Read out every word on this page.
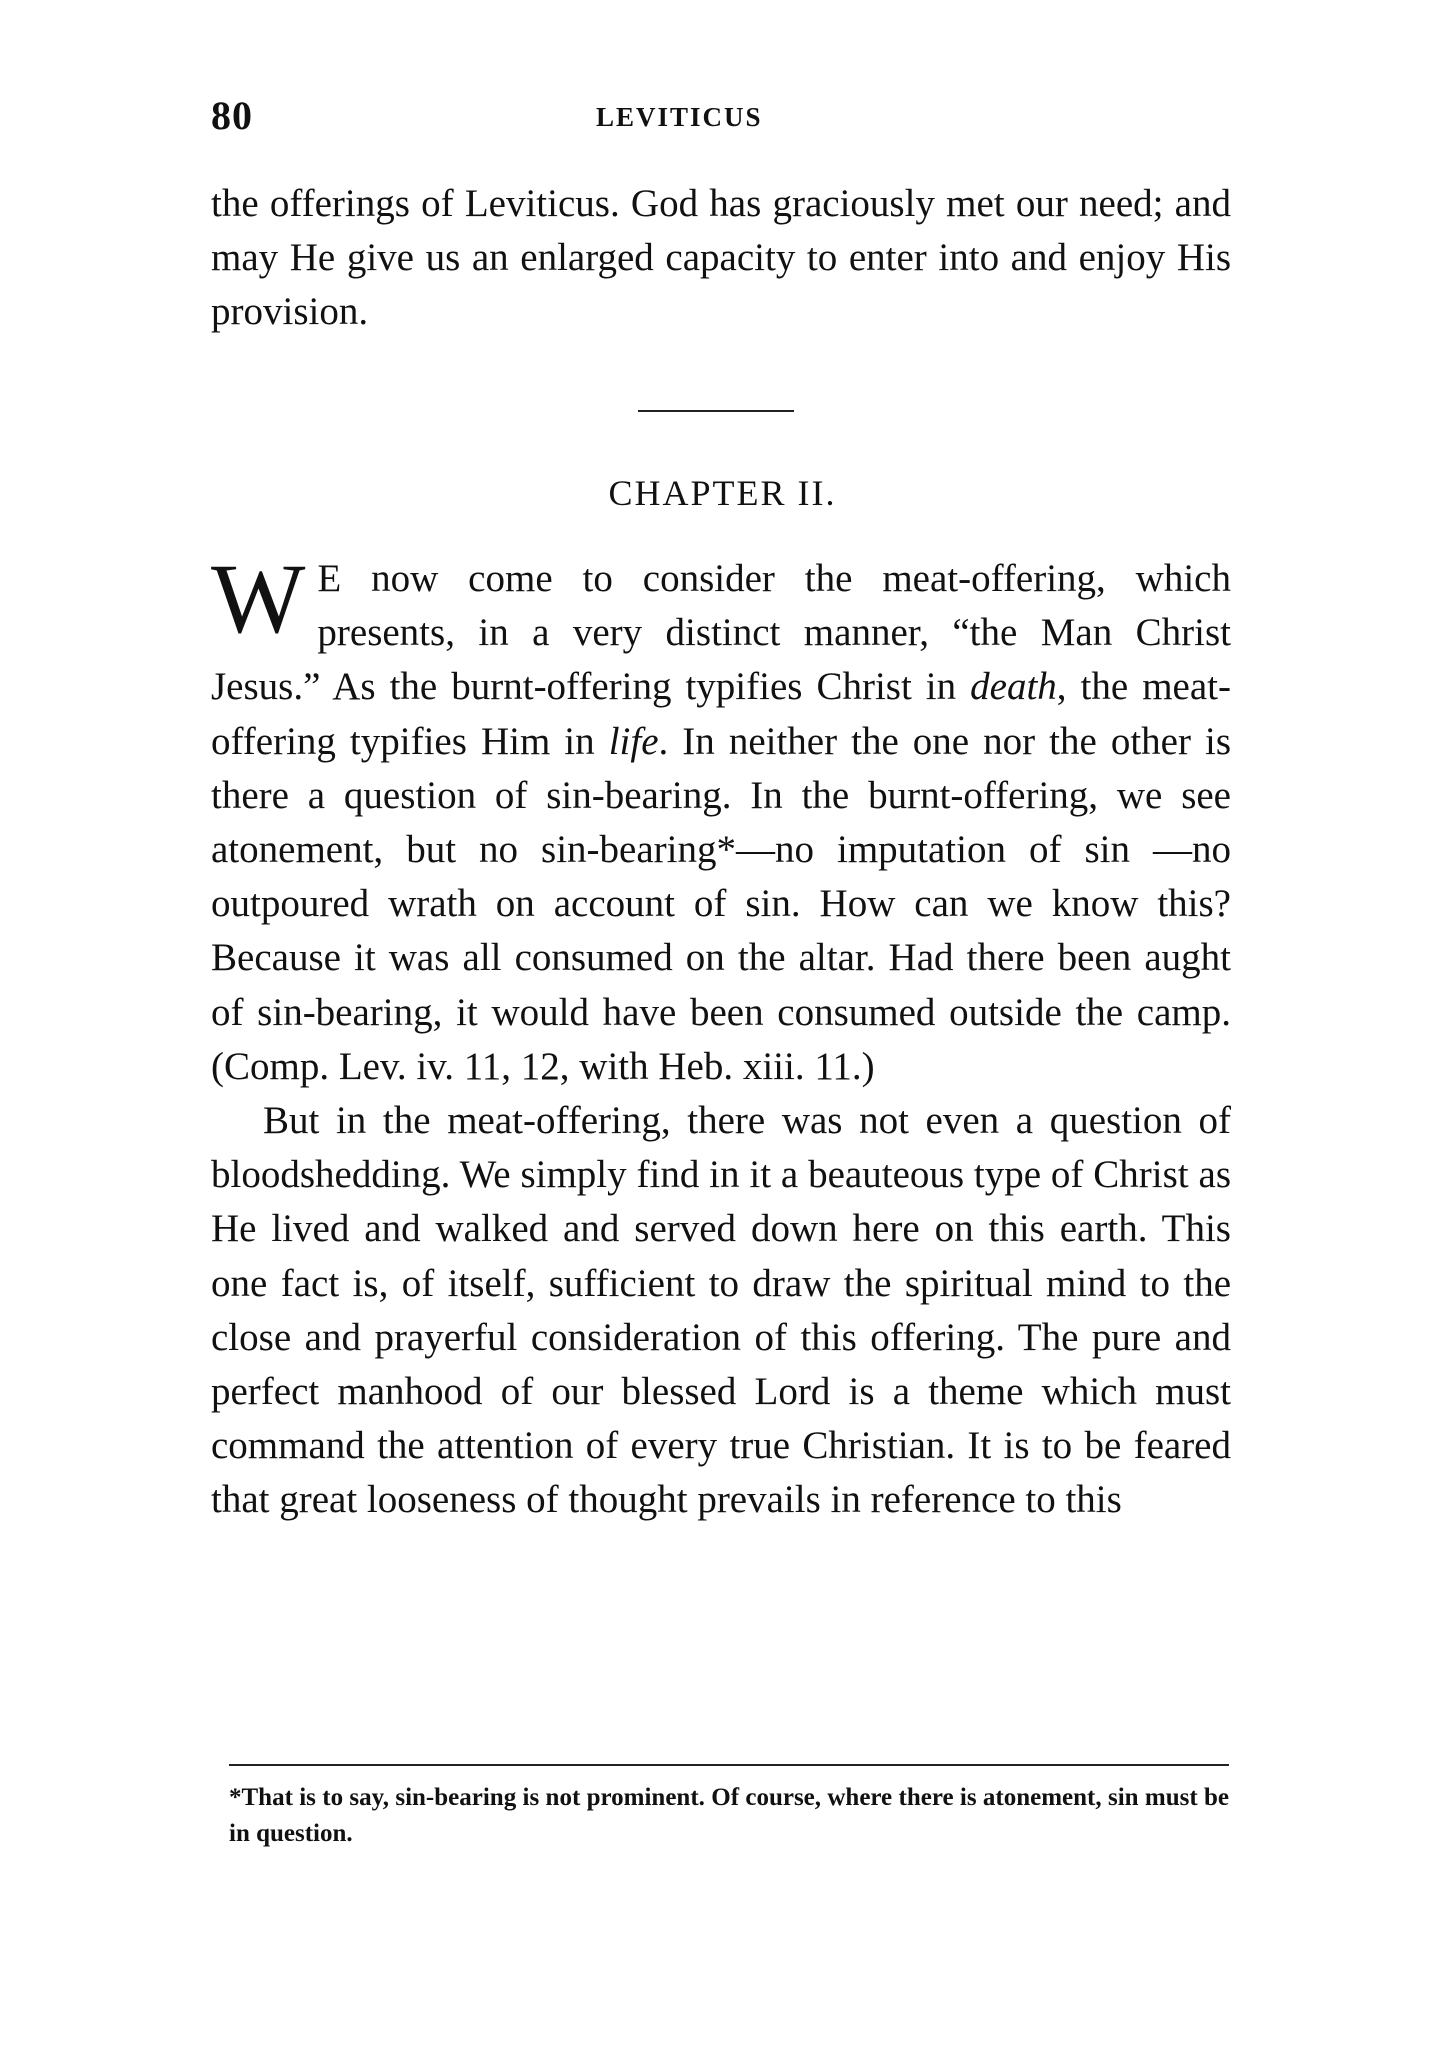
80	LEVITICUS

the offerings of Leviticus. God has graciously met our need; and may He give us an enlarged capacity to enter into and enjoy His provision.

CHAPTER II.

W E now come to consider the meat-offering, which presents, in a very distinct manner, “the Man Christ Jesus.” As the burnt-offering typifies Christ in death, the meat-offering typifies Him in life. In neither the one nor the other is there a question of sin-bearing. In the burnt-offering, we see atonement, but no sin-bearing*—no imputation of sin —no outpoured wrath on account of sin. How can we know this? Because it was all consumed on the altar. Had there been aught of sin-bearing, it would have been consumed outside the camp. (Comp. Lev. iv. 11, 12, with Heb. xiii. 11.)

But in the meat-offering, there was not even a question of bloodshedding. We simply find in it a beauteous type of Christ as He lived and walked and served down here on this earth. This one fact is, of itself, sufficient to draw the spiritual mind to the close and prayerful consideration of this offering. The pure and perfect manhood of our blessed Lord is a theme which must command the attention of every true Christian. It is to be feared that great looseness of thought prevails in reference to this

*That is to say, sin-bearing is not prominent. Of course, where there is atonement, sin must be in question.
